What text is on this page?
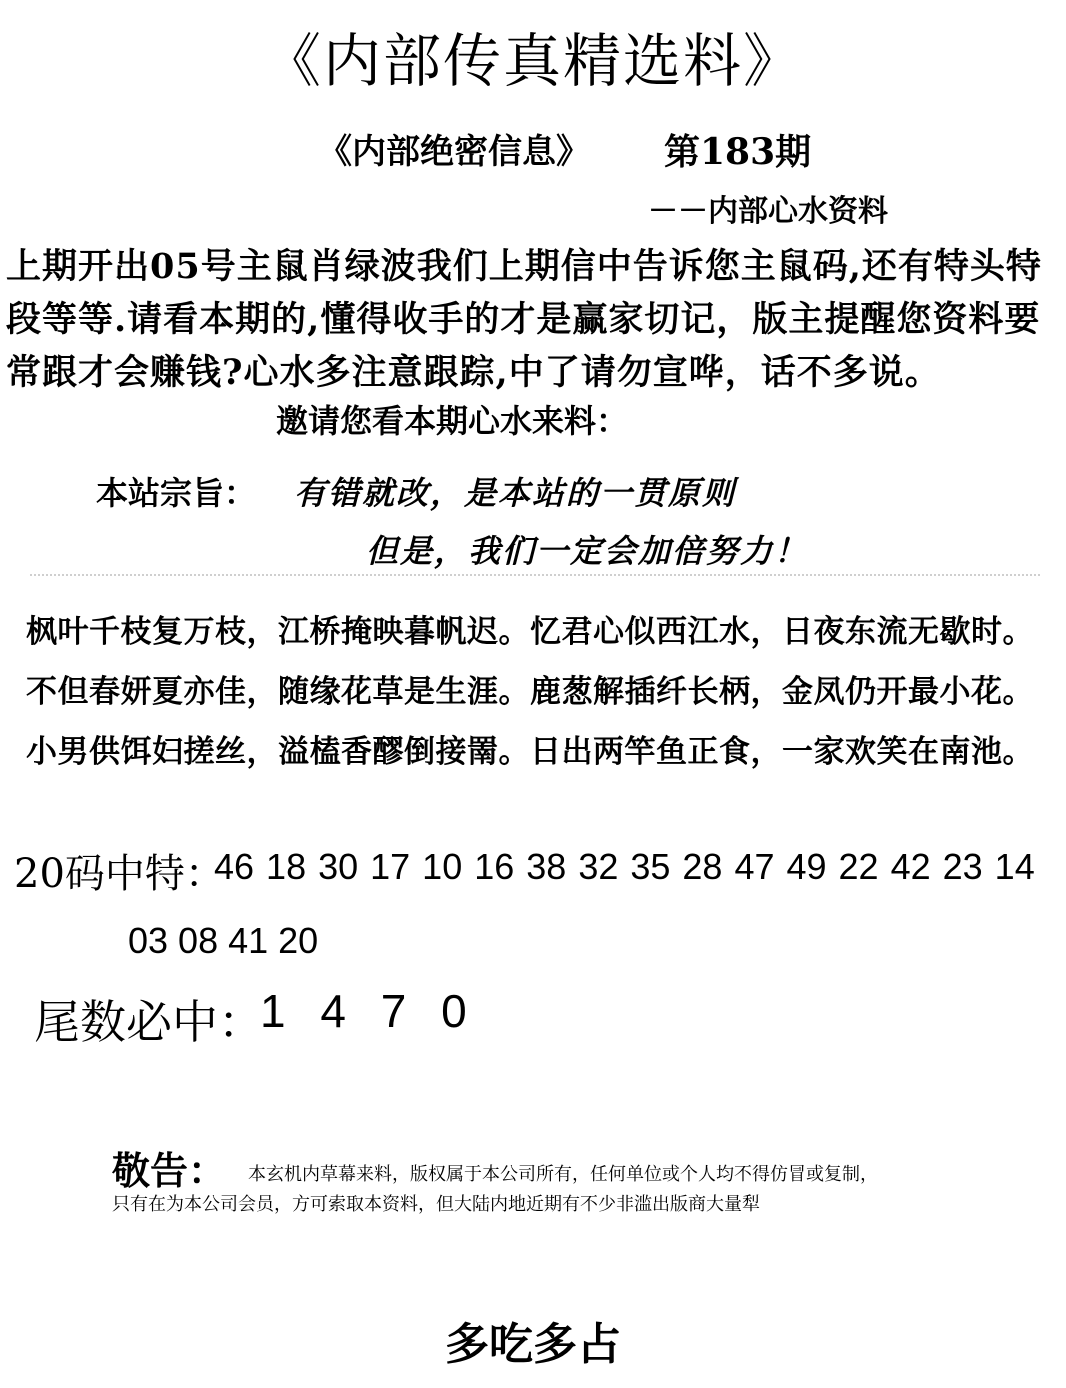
《内部传真精选料》
《内部绝密信息》 第183期
－－内部心水资料
上期开出05号主鼠肖绿波我们上期信中告诉您主鼠码,还有特头特段等等.请看本期的,懂得收手的才是赢家切记，版主提醒您资料要常跟才会赚钱?心水多注意跟踪,中了请勿宣哗，话不多说。
邀请您看本期心水来料：
本站宗旨： 有错就改，是本站的一贯原则
但是，我们一定会加倍努力！
枫叶千枝复万枝，江桥掩映暮帆迟。忆君心似西江水，日夜东流无歇时。
不但春妍夏亦佳，随缘花草是生涯。鹿葱解插纤长柄，金凤仍开最小花。
小男供饵妇搓丝，溢榼香醪倒接罱。日出两竿鱼正食，一家欢笑在南池。
20码中特：
46 18 30 17 10 16 38 32 35 28 47 49 22 42 23 14
03 08 41 20
尾数必中：
1 4 7 0
敬告： 本玄机内草幕来料，版权属于本公司所有，任何单位或个人均不得仿冒或复制，
只有在为本公司会员，方可索取本资料，但大陆内地近期有不少非滥出版商大量犁
多吃多占
